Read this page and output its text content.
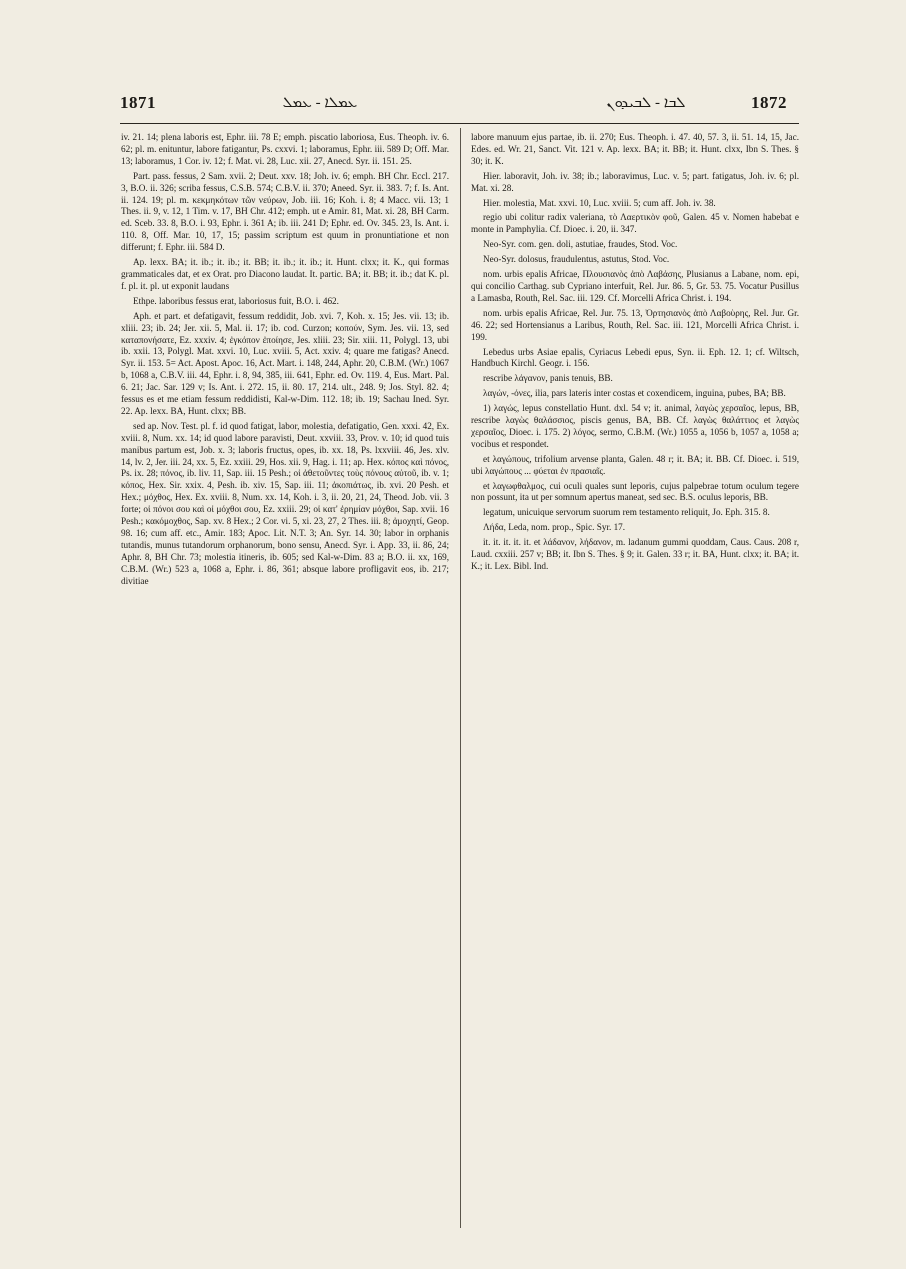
1871	ܥܡܠܐ - ܥܡܠ	ܠܒܐ - ܠܒܝܕܘܢ	1872

iv. 21. 14; plena laboris est, Ephr. iii. 78 E; emph. piscatio laboriosa, Eus. Theoph. iv. 6. 62; pl. m. enituntur, labore fatigantur, Ps. cxxvi. 1; laboramus, Ephr. iii. 589 D; Off. Mar. 13; laboramus, 1 Cor. iv. 12; f. Mat. vi. 28, Luc. xii. 27, Anecd. Syr. ii. 151. 25.

Part. pass. fessus, 2 Sam. xvii. 2; Deut. xxv. 18; Joh. iv. 6; emph. BH Chr. Eccl. 217. 3, B.O. ii. 326; scriba fessus, C.S.B. 574; C.B.V. ii. 370; Aneed. Syr. ii. 383. 7; f. Is. Ant. ii. 124. 19; pl. m. κεκμηκότων τῶν νεύρων, Job. iii. 16; Koh. i. 8; 4 Macc. vii. 13; 1 Thes. ii. 9, v. 12, 1 Tim. v. 17, BH Chr. 412; emph. ut e Amir. 81, Mat. xi. 28, BH Carm. ed. Sceb. 33. 8, B.O. i. 93, Ephr. i. 361 A; ib. iii. 241 D; Ephr. ed. Ov. 345. 23, Is. Ant. i. 110. 8, Off. Mar. 10, 17, 15; passim scriptum est quum in pronuntiatione et non differunt; f. Ephr. iii. 584 D.

Ap. lexx. BA; it. ib.; it. ib.; it. BB; it. ib.; it. ib.; it. Hunt. clxx; it. K., qui formas grammaticales dat, et ex Orat. pro Diacono laudat. It. partic. BA; it. BB; it. ib.; dat K. pl. f. pl. it. pl. ut exponit laudans

Ethpe. laboribus fessus erat, laboriosus fuit, B.O. i. 462.

Aph. et part. et defatigavit, fessum reddidit, Job. xvi. 7, Koh. x. 15; Jes. vii. 13; ib. xliii. 23; ib. 24; Jer. xii. 5, Mal. ii. 17; ib. cod. Curzon; κοπούν, Sym. Jes. vii. 13, sed καταπονήσατε, Ez. xxxiv. 4; ἐγκόπον ἐποίησε, Jes. xliii. 23; Sir. xiii. 11, Polygl. 13, ubi ib. xxii. 13, Polygl. Mat. xxvi. 10, Luc. xviii. 5, Act. xxiv. 4; quare me fatigas? Anecd. Syr. ii. 153. 5= Act. Apost. Apoc. 16, Act. Mart. i. 148, 244, Aphr. 20, C.B.M. (Wr.) 1067 b, 1068 a, C.B.V. iii. 44, Ephr. i. 8, 94, 385, iii. 641, Ephr. ed. Ov. 119. 4, Eus. Mart. Pal. 6. 21; Jac. Sar. 129 v; Is. Ant. i. 272. 15, ii. 80. 17, 214. ult., 248. 9; Jos. Styl. 82. 4; fessus es et me etiam fessum reddidisti, Kal-w-Dim. 112. 18; ib. 19; Sachau Ined. Syr. 22. Ap. lexx. BA, Hunt. clxx; BB.

sed ap. Nov. Test. pl. f. id quod fatigat, labor, molestia, defatigatio, Gen. xxxi. 42, Ex. xviii. 8, Num. xx. 14; id quod labore paravisti, Deut. xxviii. 33, Prov. v. 10; id quod tuis manibus partum est, Job. x. 3; laboris fructus, opes, ib. xx. 18, Ps. lxxviii. 46, Jes. xlv. 14, lv. 2, Jer. iii. 24, xx. 5, Ez. xxiii. 29, Hos. xii. 9, Hag. i. 11; ap. Hex. κόπος καὶ πόνος, Ps. ix. 28; πόνος, ib. liv. 11, Sap. iii. 15 Pesh.; οἱ ἀθετοῦντες τοὺς πόνους αὐτοῦ, ib. v. 1; κόπος, Hex. Sir. xxix. 4, Pesh. ib. xiv. 15, Sap. iii. 11; ἀκοπιάτως, ib. xvi. 20 Pesh. et Hex.; μόχθος, Hex. Ex. xviii. 8, Num. xx. 14, Koh. i. 3, ii. 20, 21, 24, Theod. Job. vii. 3 forte; οἱ πόνοι σου καὶ οἱ μόχθοι σου, Ez. xxiii. 29; οἱ κατ' ἐρημίαν μόχθοι, Sap. xvii. 16 Pesh.; κακόμοχθος, Sap. xv. 8 Hex.; 2 Cor. vi. 5, xi. 23, 27, 2 Thes. iii. 8; ἀμοχητί, Geop. 98. 16; cum aff. etc., Amir. 183; Apoc. Lit. N.T. 3; An. Syr. 14. 30; labor in orphanis tutandis, munus tutandorum orphanorum, bono sensu, Anecd. Syr. i. App. 33, ii. 86, 24; Aphr. 8, BH Chr. 73; molestia itineris, ib. 605; sed Kal-w-Dim. 83 a; B.O. ii. xx, 169, C.B.M. (Wr.) 523 a, 1068 a, Ephr. i. 86, 361; absque labore profligavit eos, ib. 217; divitiae

labore manuum ejus partae, ib. ii. 270; Eus. Theoph. i. 47. 40, 57. 3, ii. 51. 14, 15, Jac. Edes. ed. Wr. 21, Sanct. Vit. 121 v. Ap. lexx. BA; it. BB; it. Hunt. clxx, Ibn S. Thes. § 30; it. K.

Hier. laboravit, Joh. iv. 38; ib.; laboravimus, Luc. v. 5; part. fatigatus, Joh. iv. 6; pl. Mat. xi. 28.

Hier. molestia, Mat. xxvi. 10, Luc. xviii. 5; cum aff. Joh. iv. 38.

regio ubi colitur radix valeriana, τὸ Λαερτικὸν φοῦ, Galen. 45 v. Nomen habebat e monte in Pamphylia. Cf. Dioec. i. 20, ii. 347.

Neo-Syr. com. gen. doli, astutiae, fraudes, Stod. Voc.

Neo-Syr. dolosus, fraudulentus, astutus, Stod. Voc.

nom. urbis epalis Africae, Πλουσιανὸς ἀπὸ Λαβάσης, Plusianus a Labane, nom. epi, qui concilio Carthag. sub Cypriano interfuit, Rel. Jur. 86. 5, Gr. 53. 75. Vocatur Pusillus a Lamasba, Routh, Rel. Sac. iii. 129. Cf. Morcelli Africa Christ. i. 194.

nom. urbis epalis Africae, Rel. Jur. 75. 13, Ὀρτησιανὸς ἀπὸ Λαβοὺρης, Rel. Jur. Gr. 46. 22; sed Hortensianus a Laribus, Routh, Rel. Sac. iii. 121, Morcelli Africa Christ. i. 199.

Lebedus urbs Asiae epalis, Cyriacus Lebedi epus, Syn. ii. Eph. 12. 1; cf. Wiltsch, Handbuch Kirchl. Geogr. i. 156.

rescribe λάγανον, panis tenuis, BB.

λαγών, -όνες, ilia, pars lateris inter costas et coxendicem, inguina, pubes, BA; BB.

1) λαγώς, lepus constellatio Hunt. dxl. 54 v; it. animal, λαγὼς χερσαῖος, lepus, BB, rescribe λαγὼς θαλάσσιος, piscis genus, BA, BB. Cf. λαγὼς θαλάττιος et λαγὼς χερσαῖος, Dioec. i. 175. 2) λόγος, sermo, C.B.M. (Wr.) 1055 a, 1056 b, 1057 a, 1058 a; vocibus et respondet.

et λαγώπους, trifolium arvense planta, Galen. 48 r; it. BA; it. BB. Cf. Dioec. i. 519, ubi λαγώπους ... φύεται ἐν πρασιαῖς.

et λαγωφθαλμος, cui oculi quales sunt leporis, cujus palpebrae totum oculum tegere non possunt, ita ut per somnum apertus maneat, sed sec. B.S. oculus leporis, BB.

legatum, unicuique servorum suorum rem testamento reliquit, Jo. Eph. 315. 8.

Λήδα, Leda, nom. prop., Spic. Syr. 17.

it. it. it. it. it. et λάδανον, λήδανον, m. ladanum gummi quoddam, Caus. Caus. 208 r, Laud. cxxiii. 257 v; BB; it. Ibn S. Thes. § 9; it. Galen. 33 r; it. BA, Hunt. clxx; it. BA; it. K.; it. Lex. Bibl. Ind.
